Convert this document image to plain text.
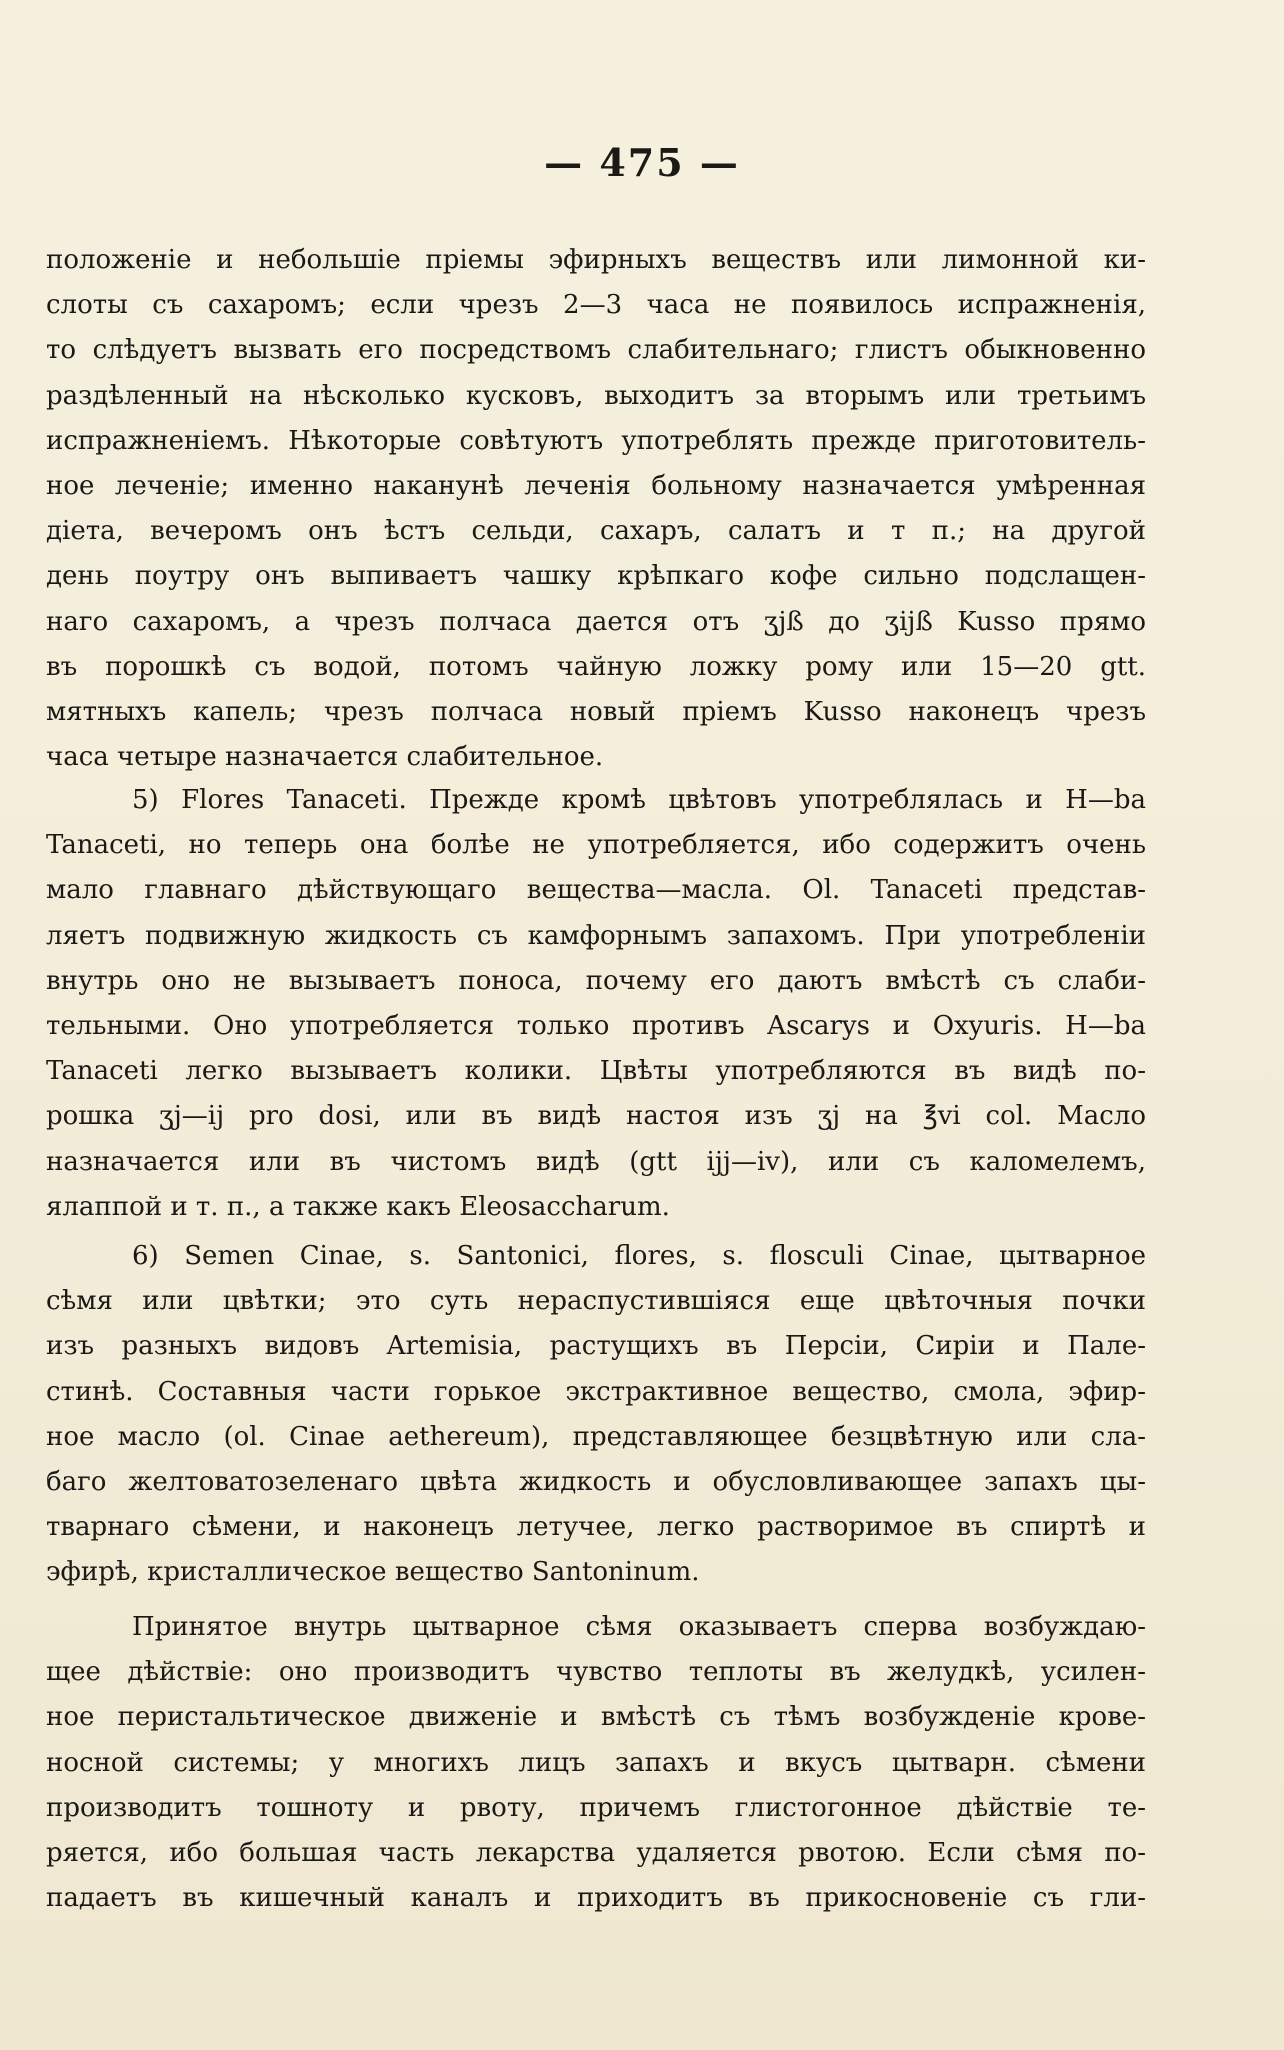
— 475 —
положеніе и небольшіе пріемы эфирныхъ веществъ или лимонной ки-
слоты съ сахаромъ; если чрезъ 2—3 часа не появилось испражненія,
то слѣдуетъ вызвать его посредствомъ слабительнаго; глистъ обыкновенно
раздѣленный на нѣсколько кусковъ, выходитъ за вторымъ или третьимъ
испражненіемъ. Нѣкоторые совѣтуютъ употреблять прежде приготовитель-
ное леченіе; именно наканунѣ леченія больному назначается умѣренная
діета, вечеромъ онъ ѣстъ сельди, сахаръ, салатъ и т п.; на другой
день поутру онъ выпиваетъ чашку крѣпкаго кофе сильно подслащен-
наго сахаромъ, а чрезъ полчаса дается отъ ʒjß до ʒijß Kusso прямо
въ порошкѣ съ водой, потомъ чайную ложку рому или 15—20 gtt.
мятныхъ капель; чрезъ полчаса новый пріемъ Kusso наконецъ чрезъ
часа четыре назначается слабительное.
5) Flores Tanaceti. Прежде кромѣ цвѣтовъ употреблялась и H—ba
Tanaceti, но теперь она болѣе не употребляется, ибо содержитъ очень
мало главнаго дѣйствующаго вещества—масла. Ol. Tanaceti представ-
ляетъ подвижную жидкость съ камфорнымъ запахомъ. При употребленіи
внутрь оно не вызываетъ поноса, почему его даютъ вмѣстѣ съ слаби-
тельными. Оно употребляется только противъ Ascarys и Oxyuris. H—ba
Tanaceti легко вызываетъ колики. Цвѣты употребляются въ видѣ по-
рошка ʒj—ij pro dosi, или въ видѣ настоя изъ ʒj на ℥vi col. Масло
назначается или въ чистомъ видѣ (gtt ijj—iv), или съ каломелемъ,
ялаппой и т. п., а также какъ Eleosaccharum.
6) Semen Cinae, s. Santonici, flores, s. flosculi Cinae, цытварное
сѣмя или цвѣтки; это суть нераспустившіяся еще цвѣточныя почки
изъ разныхъ видовъ Artemisia, растущихъ въ Персіи, Сиріи и Пале-
стинѣ. Составныя части горькое экстрактивное вещество, смола, эфир-
ное масло (ol. Cinae aethereum), представляющее безцвѣтную или сла-
баго желтоватозеленаго цвѣта жидкость и обусловливающее запахъ цы-
тварнаго сѣмени, и наконецъ летучее, легко растворимое въ спиртѣ и
эфирѣ, кристаллическое вещество Santoninum.
Принятое внутрь цытварное сѣмя оказываетъ сперва возбуждаю-
щее дѣйствіе: оно производитъ чувство теплоты въ желудкѣ, усилен-
ное перистальтическое движеніе и вмѣстѣ съ тѣмъ возбужденіе крове-
носной системы; у многихъ лицъ запахъ и вкусъ цытварн. сѣмени
производитъ тошноту и рвоту, причемъ глистогонное дѣйствіе те-
ряется, ибо большая часть лекарства удаляется рвотою. Если сѣмя по-
падаетъ въ кишечный каналъ и приходитъ въ прикосновеніе съ гли-
